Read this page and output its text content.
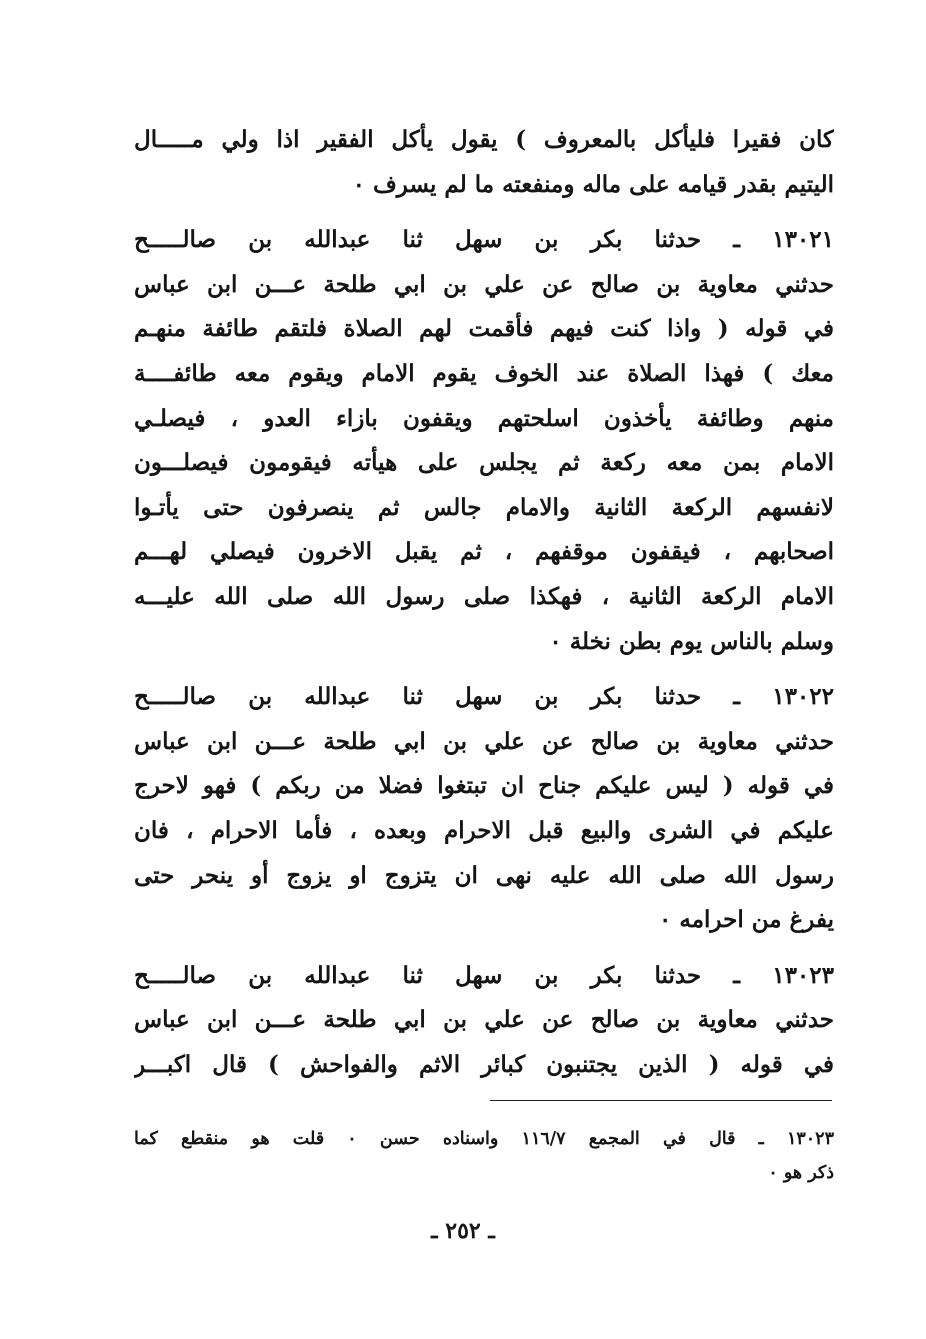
كان فقيرا فليأكل بالمعروف ) يقول يأكل الفقير اذا ولي مـــــال
اليتيم بقدر قيامه على ماله ومنفعته ما لم يسرف ٠
١٣٠٢١ ـ حدثنا بكر بن سهل ثنا عبدالله بن صالـــــح
حدثني معاوية بن صالح عن علي بن ابي طلحة عـــن ابن عباس
في قوله ( واذا كنت فيهم فأقمت لهم الصلاة فلتقم طائفة منهـم
معك ) فهذا الصلاة عند الخوف يقوم الامام ويقوم معه طائفــــة
منهم وطائفة يأخذون اسلحتهم ويقفون بازاء العدو ، فيصلـي
الامام بمن معه ركعة ثم يجلس على هيأته فيقومون فيصلـــون
لانفسهم الركعة الثانية والامام جالس ثم ينصرفون حتى يأتـوا
اصحابهم ، فيقفون موقفهم ، ثم يقبل الاخرون فيصلي لهـــم
الامام الركعة الثانية ، فهكذا صلى رسول الله صلى الله عليـــه
وسلم بالناس يوم بطن نخلة ٠
١٣٠٢٢ ـ حدثنا بكر بن سهل ثنا عبدالله بن صالـــــح
حدثني معاوية بن صالح عن علي بن ابي طلحة عـــن ابن عباس
في قوله ( ليس عليكم جناح ان تبتغوا فضلا من ربكم ) فهو لاحرج
عليكم في الشرى والبيع قبل الاحرام وبعده ، فأما الاحرام ، فان
رسول الله صلى الله عليه نهى ان يتزوج او يزوج أو ينحر حتى
يفرغ من احرامه ٠
١٣٠٢٣ ـ حدثنا بكر بن سهل ثنا عبدالله بن صالـــــح
حدثني معاوية بن صالح عن علي بن ابي طلحة عـــن ابن عباس
في قوله ( الذين يجتنبون كبائر الاثم والفواحش ) قال اكبـــر
١٣٠٢٣ ـ قال في المجمع ١١٦/٧ واسناده حسن ٠ قلت هو منقطع كما
ذكر هو ٠
ـ ٢٥٢ ـ
